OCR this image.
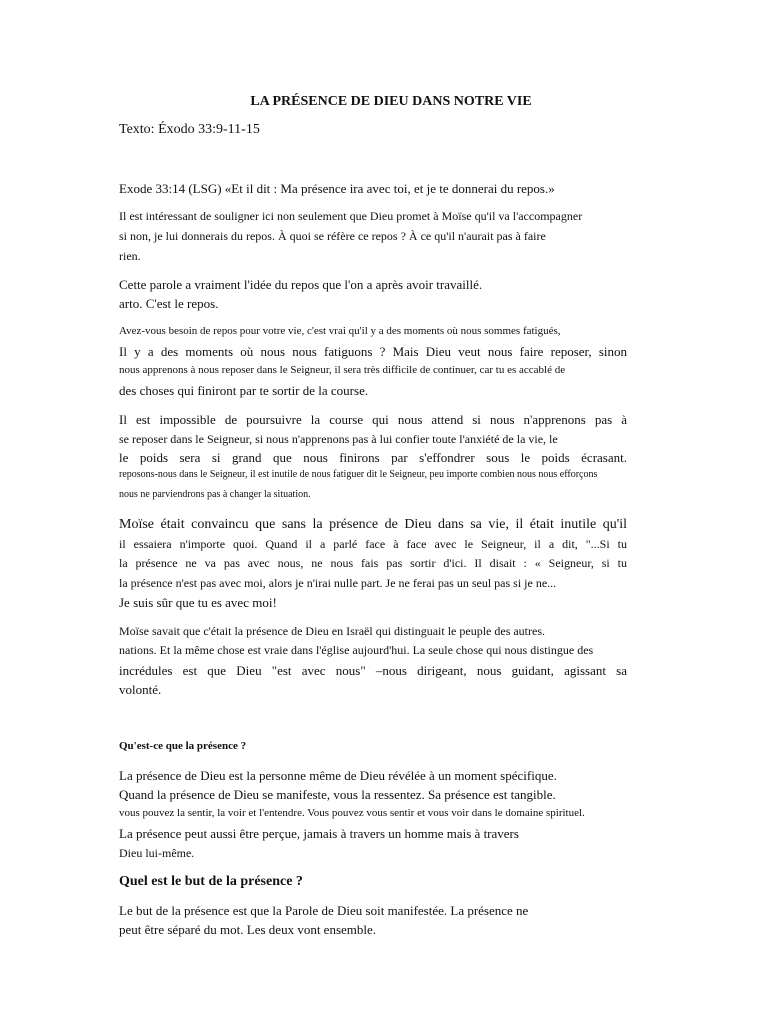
LA PRÉSENCE DE DIEU DANS NOTRE VIE

Texto: Éxodo 33:9-11-15

Exode 33:14 (LSG) «Et il dit : Ma présence ira avec toi, et je te donnerai du repos.»

Il est intéressant de souligner ici non seulement que Dieu promet à Moïse qu'il va l'accompagner

si non, je lui donnerais du repos. À quoi se réfère ce repos ? À ce qu'il n'aurait pas à faire

rien.

Cette parole a vraiment l'idée du repos que l'on a après avoir travaillé.

arto. C'est le repos.

Avez-vous besoin de repos pour votre vie, c'est vrai qu'il y a des moments où nous sommes fatigués,

Il y a des moments où nous nous fatiguons ? Mais Dieu veut nous faire reposer, sinon

nous apprenons à nous reposer dans le Seigneur, il sera très difficile de continuer, car tu es accablé de

des choses qui finiront par te sortir de la course.

Il est impossible de poursuivre la course qui nous attend si nous n'apprenons pas à

se reposer dans le Seigneur, si nous n'apprenons pas à lui confier toute l'anxiété de la vie, le

le poids sera si grand que nous finirons par s'effondrer sous le poids écrasant.

reposons-nous dans le Seigneur, il est inutile de nous fatiguer dit le Seigneur, peu importe combien nous nous efforçons

nous ne parviendrons pas à changer la situation.

Moïse était convaincu que sans la présence de Dieu dans sa vie, il était inutile qu'il

il essaiera n'importe quoi. Quand il a parlé face à face avec le Seigneur, il a dit, "...Si tu

la présence ne va pas avec nous, ne nous fais pas sortir d'ici. Il disait : « Seigneur, si tu

la présence n'est pas avec moi, alors je n'irai nulle part. Je ne ferai pas un seul pas si je ne...

Je suis sûr que tu es avec moi!

Moïse savait que c'était la présence de Dieu en Israël qui distinguait le peuple des autres.

nations. Et la même chose est vraie dans l'église aujourd'hui. La seule chose qui nous distingue des

incrédules est que Dieu "est avec nous" –nous dirigeant, nous guidant, agissant sa

volonté.

Qu'est-ce que la présence ?

La présence de Dieu est la personne même de Dieu révélée à un moment spécifique.

Quand la présence de Dieu se manifeste, vous la ressentez. Sa présence est tangible.

vous pouvez la sentir, la voir et l'entendre. Vous pouvez vous sentir et vous voir dans le domaine spirituel.

La présence peut aussi être perçue, jamais à travers un homme mais à travers

Dieu lui-même.

Quel est le but de la présence ?

Le but de la présence est que la Parole de Dieu soit manifestée. La présence ne

peut être séparé du mot. Les deux vont ensemble.
